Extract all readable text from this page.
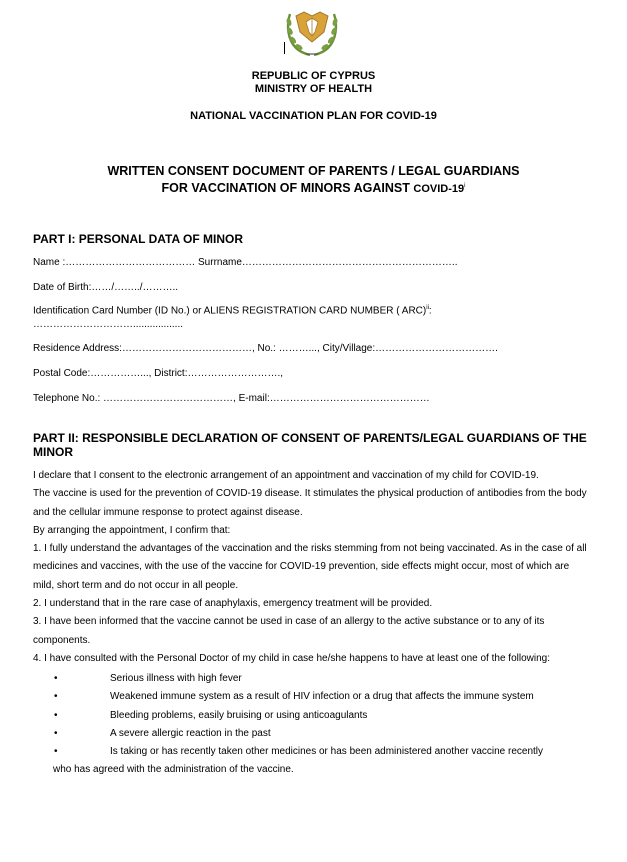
REPUBLIC OF CYPRUS
MINISTRY OF HEALTH
NATIONAL VACCINATION PLAN FOR COVID-19
WRITTEN CONSENT DOCUMENT OF PARENTS / LEGAL GUARDIANS
FOR VACCINATION OF MINORS AGAINST COVID-19$^i$
PART I: PERSONAL DATA OF MINOR
Name :………………………………… Surrname………………………………………………………..
Date of Birth:……/……../………..
Identification Card Number (ID No.) or ALIENS REGISTRATION CARD NUMBER ( ARC)$^{ii}$:
…………………………..................
Residence Address:…………………………………, No.: ………..., City/Village:……………………………….
Postal Code:……………..., District:……………………….,
Telephone No.: …………………………………, E-mail:…………………………………………
PART II: RESPONSIBLE DECLARATION OF CONSENT OF PARENTS/LEGAL GUARDIANS OF THE MINOR

I declare that I consent to the electronic arrangement of an appointment and vaccination of my child for COVID-19.

The vaccine is used for the prevention of COVID-19 disease. It stimulates the physical production of antibodies from the body and the cellular immune response to protect against disease.

By arranging the appointment, I confirm that:

1. I fully understand the advantages of the vaccination and the risks stemming from not being vaccinated. As in the case of all medicines and vaccines, with the use of the vaccine for COVID-19 prevention, side effects might occur, most of which are mild, short term and do not occur in all people.

2. I understand that in the rare case of anaphylaxis, emergency treatment will be provided.

3. I have been informed that the vaccine cannot be used in case of an allergy to the active substance or to any of its components.

4. I have consulted with the Personal Doctor of my child in case he/she happens to have at least one of the following:

•	Serious illness with high fever
•	Weakened immune system as a result of HIV infection or a drug that affects the immune system
•	Bleeding problems, easily bruising or using anticoagulants
•	A severe allergic reaction in the past
•	Is taking or has recently taken other medicines or has been administered another vaccine recently
who has agreed with the administration of the vaccine.
